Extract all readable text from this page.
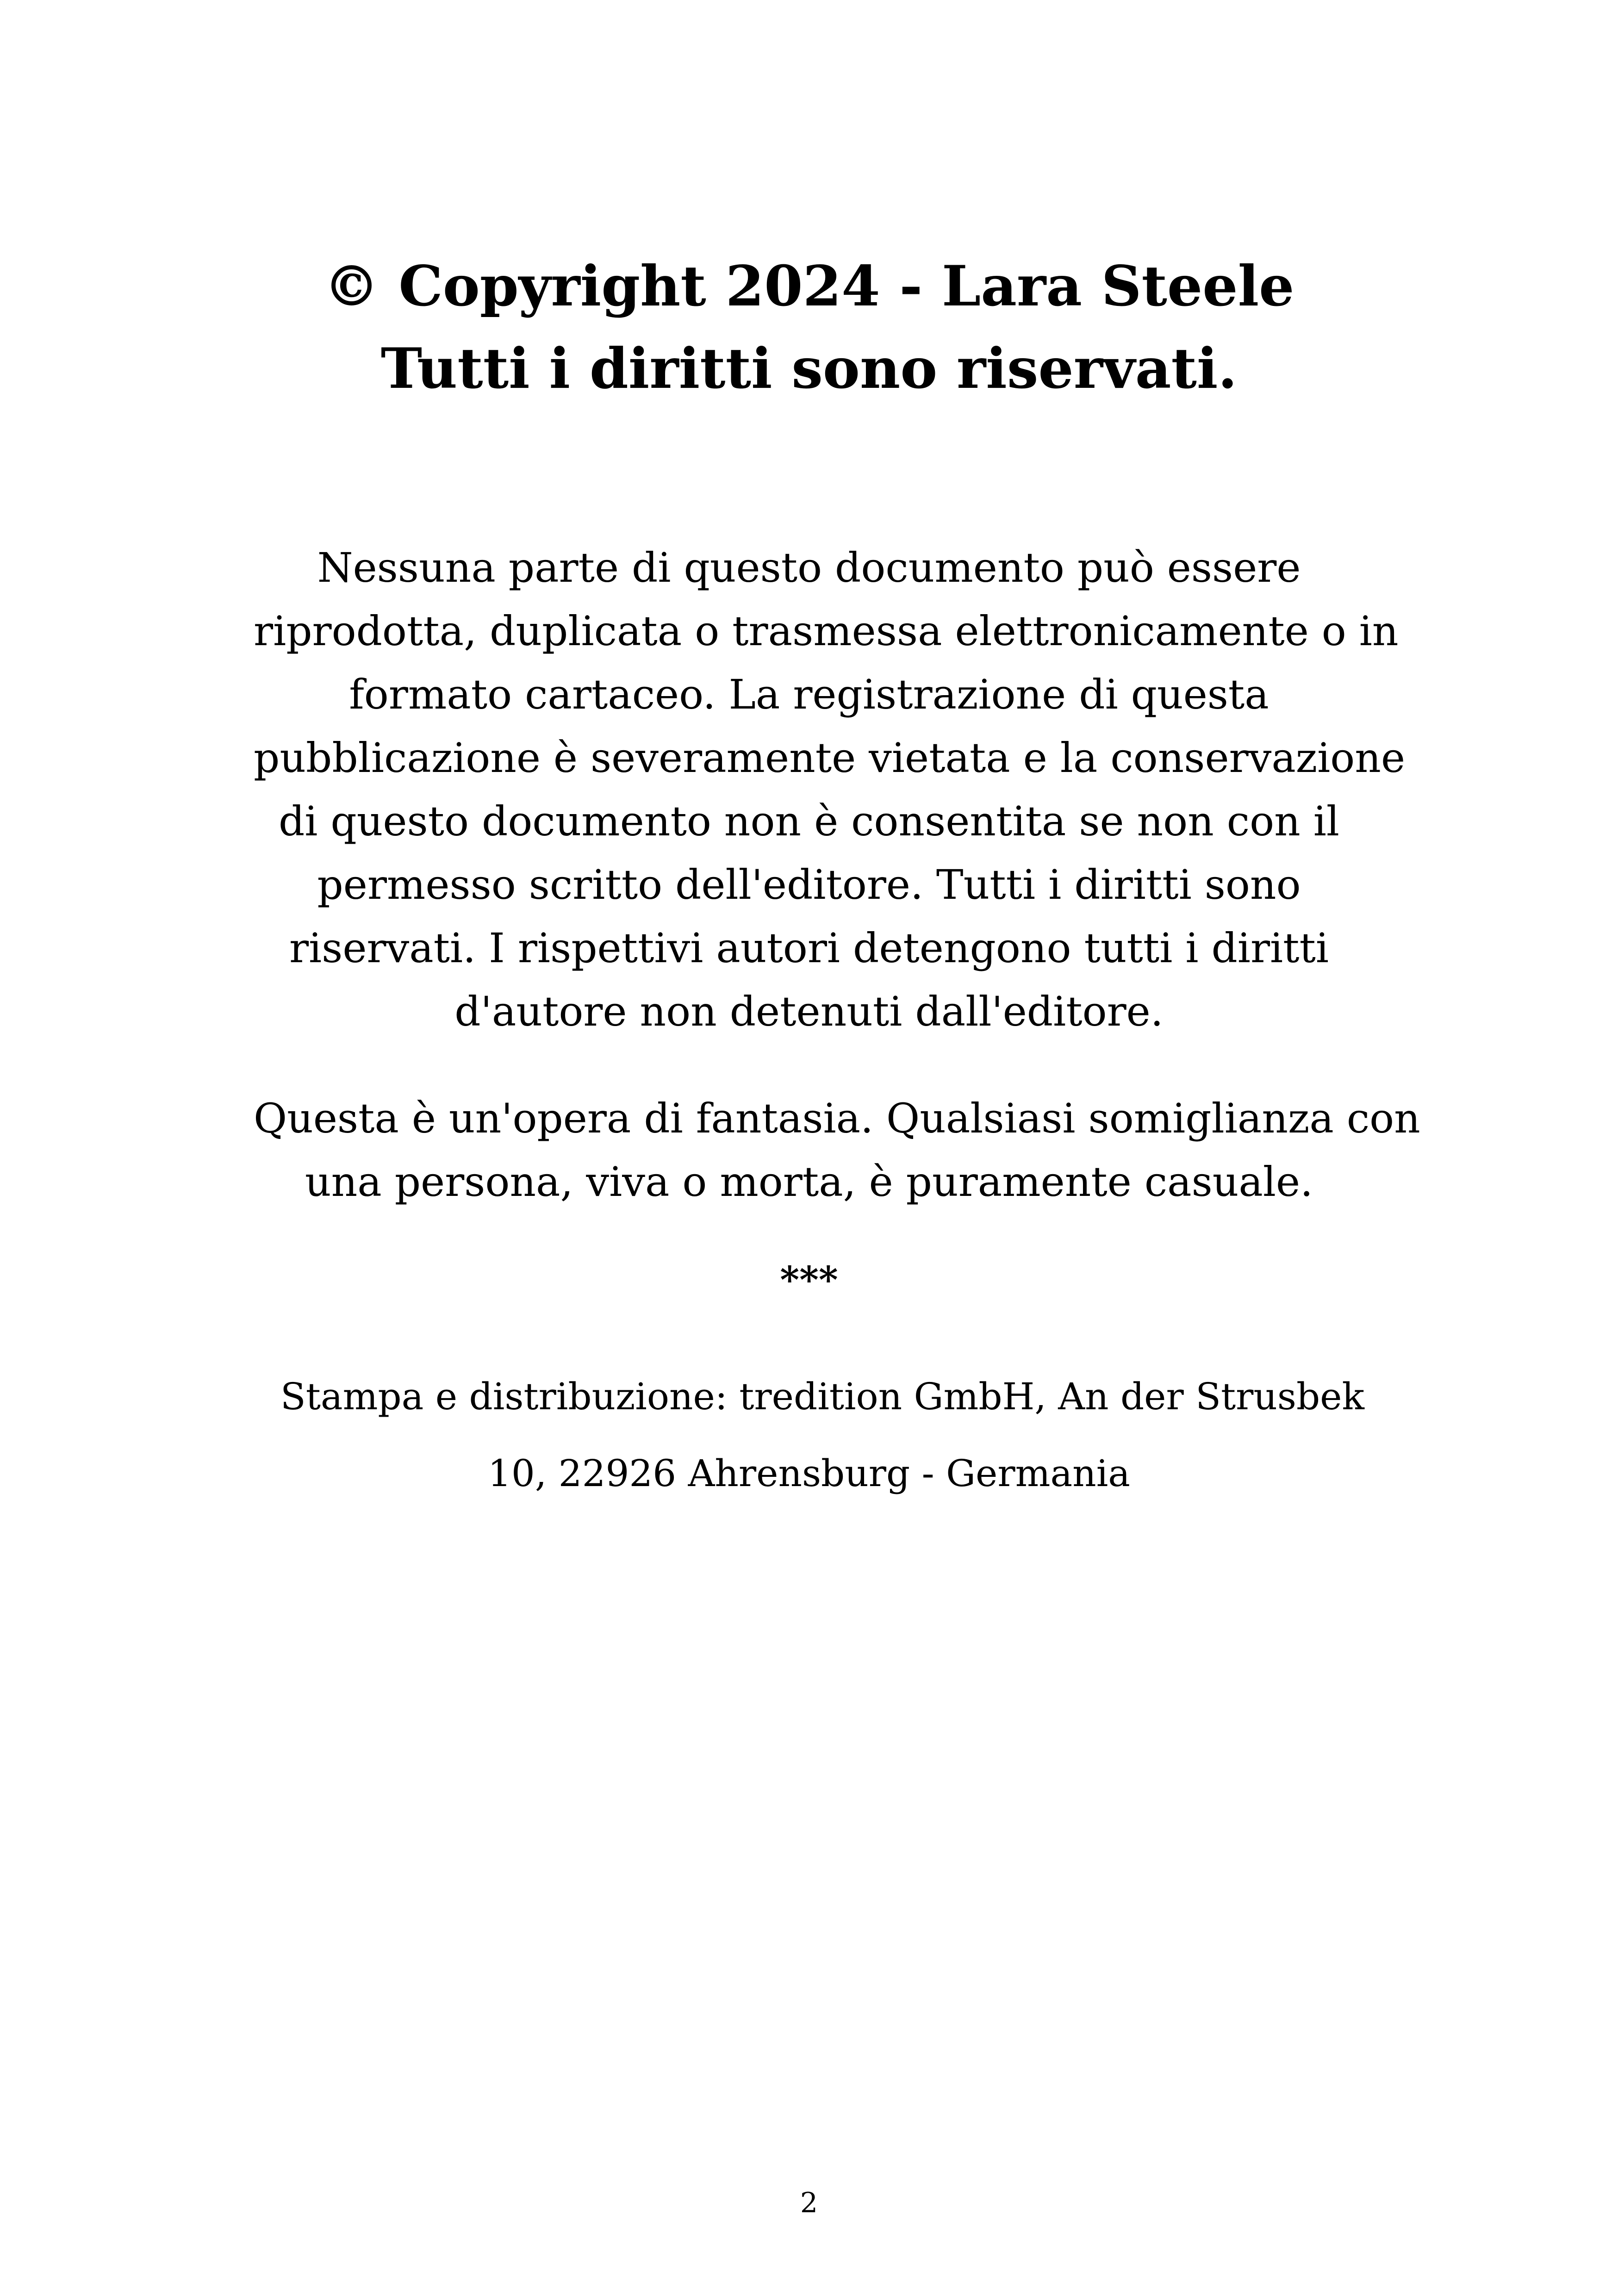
© Copyright 2024 - Lara Steele
Tutti i diritti sono riservati.
Nessuna parte di questo documento può essere
riprodotta, duplicata o trasmessa elettronicamente o in
formato cartaceo. La registrazione di questa
pubblicazione è severamente vietata e la conservazione
di questo documento non è consentita se non con il
permesso scritto dell'editore. Tutti i diritti sono
riservati. I rispettivi autori detengono tutti i diritti
d'autore non detenuti dall'editore.
Questa è un'opera di fantasia. Qualsiasi somiglianza con
una persona, viva o morta, è puramente casuale.
***
Stampa e distribuzione: tredition GmbH, An der Strusbek
10, 22926 Ahrensburg - Germania
2
